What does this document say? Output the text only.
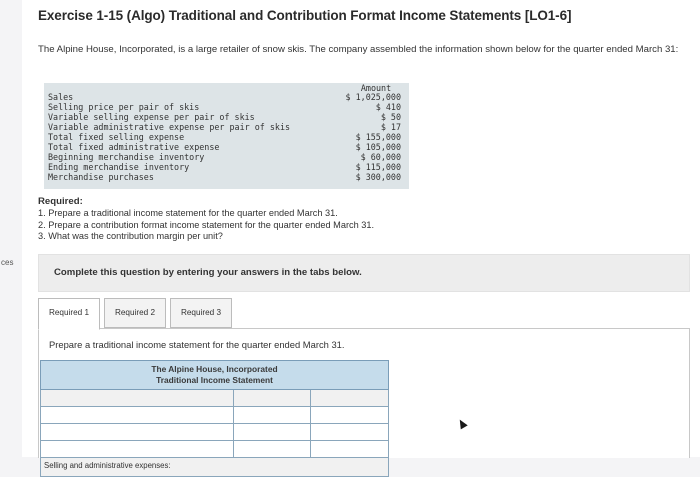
ces
Exercise 1-15 (Algo) Traditional and Contribution Format Income Statements [LO1-6]
The Alpine House, Incorporated, is a large retailer of snow skis. The company assembled the information shown below for the quarter ended March 31:
Amount
Sales	$ 1,025,000
Selling price per pair of skis	$ 410
Variable selling expense per pair of skis	$ 50
Variable administrative expense per pair of skis	$ 17
Total fixed selling expense	$ 155,000
Total fixed administrative expense	$ 105,000
Beginning merchandise inventory	$ 60,000
Ending merchandise inventory	$ 115,000
Merchandise purchases	$ 300,000
Required:
1. Prepare a traditional income statement for the quarter ended March 31.
2. Prepare a contribution format income statement for the quarter ended March 31.
3. What was the contribution margin per unit?
Complete this question by entering your answers in the tabs below.
Prepare a traditional income statement for the quarter ended March 31.
Required 1	Required 2	Required 3
The Alpine House, Incorporated
Traditional Income Statement
Selling and administrative expenses:
